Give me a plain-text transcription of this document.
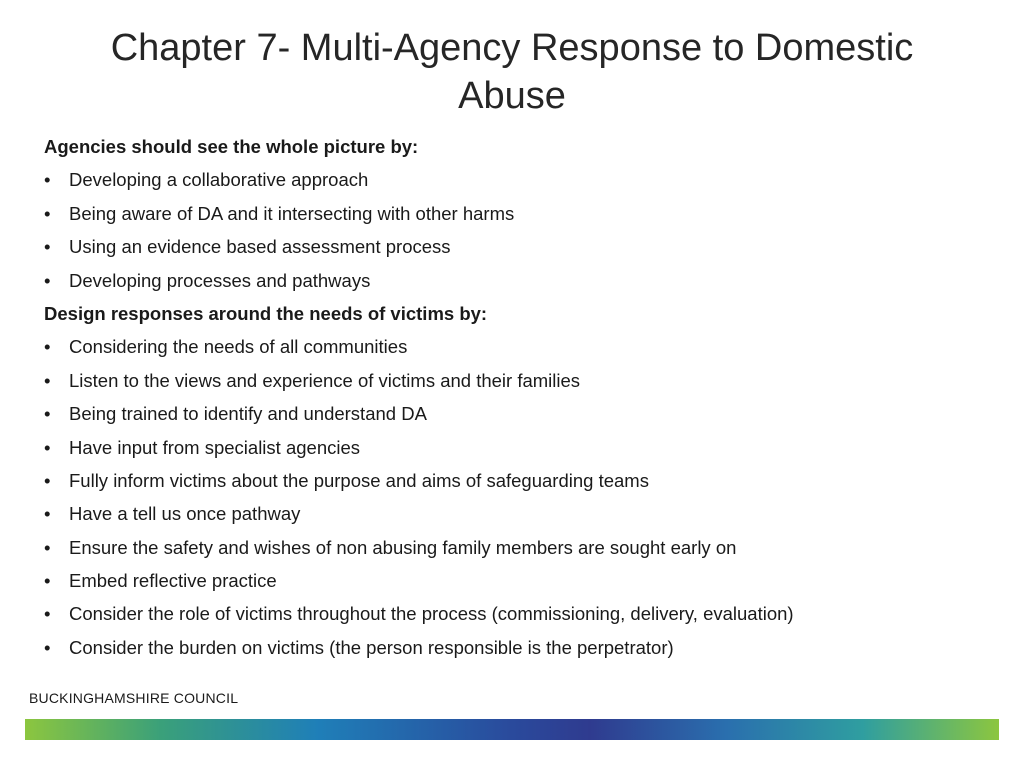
Chapter 7- Multi-Agency Response to Domestic Abuse
Agencies should see the whole picture by:
•	Developing a collaborative approach
•	Being aware of DA and it intersecting with other harms
•	Using an evidence based assessment process
•	Developing processes and pathways
Design responses around the needs of victims by:
•	Considering the needs of all communities
•	Listen to the views and experience of victims and their families
•	Being trained to identify and understand DA
•	Have input from specialist agencies
•	Fully inform victims about the purpose and aims of safeguarding teams
•	Have a tell us once pathway
•	Ensure the safety and wishes of non abusing family members are sought early on
•	Embed reflective practice
•	Consider the role of victims throughout the process (commissioning, delivery, evaluation)
•	Consider the burden on victims (the person responsible is the perpetrator)
BUCKINGHAMSHIRE COUNCIL
